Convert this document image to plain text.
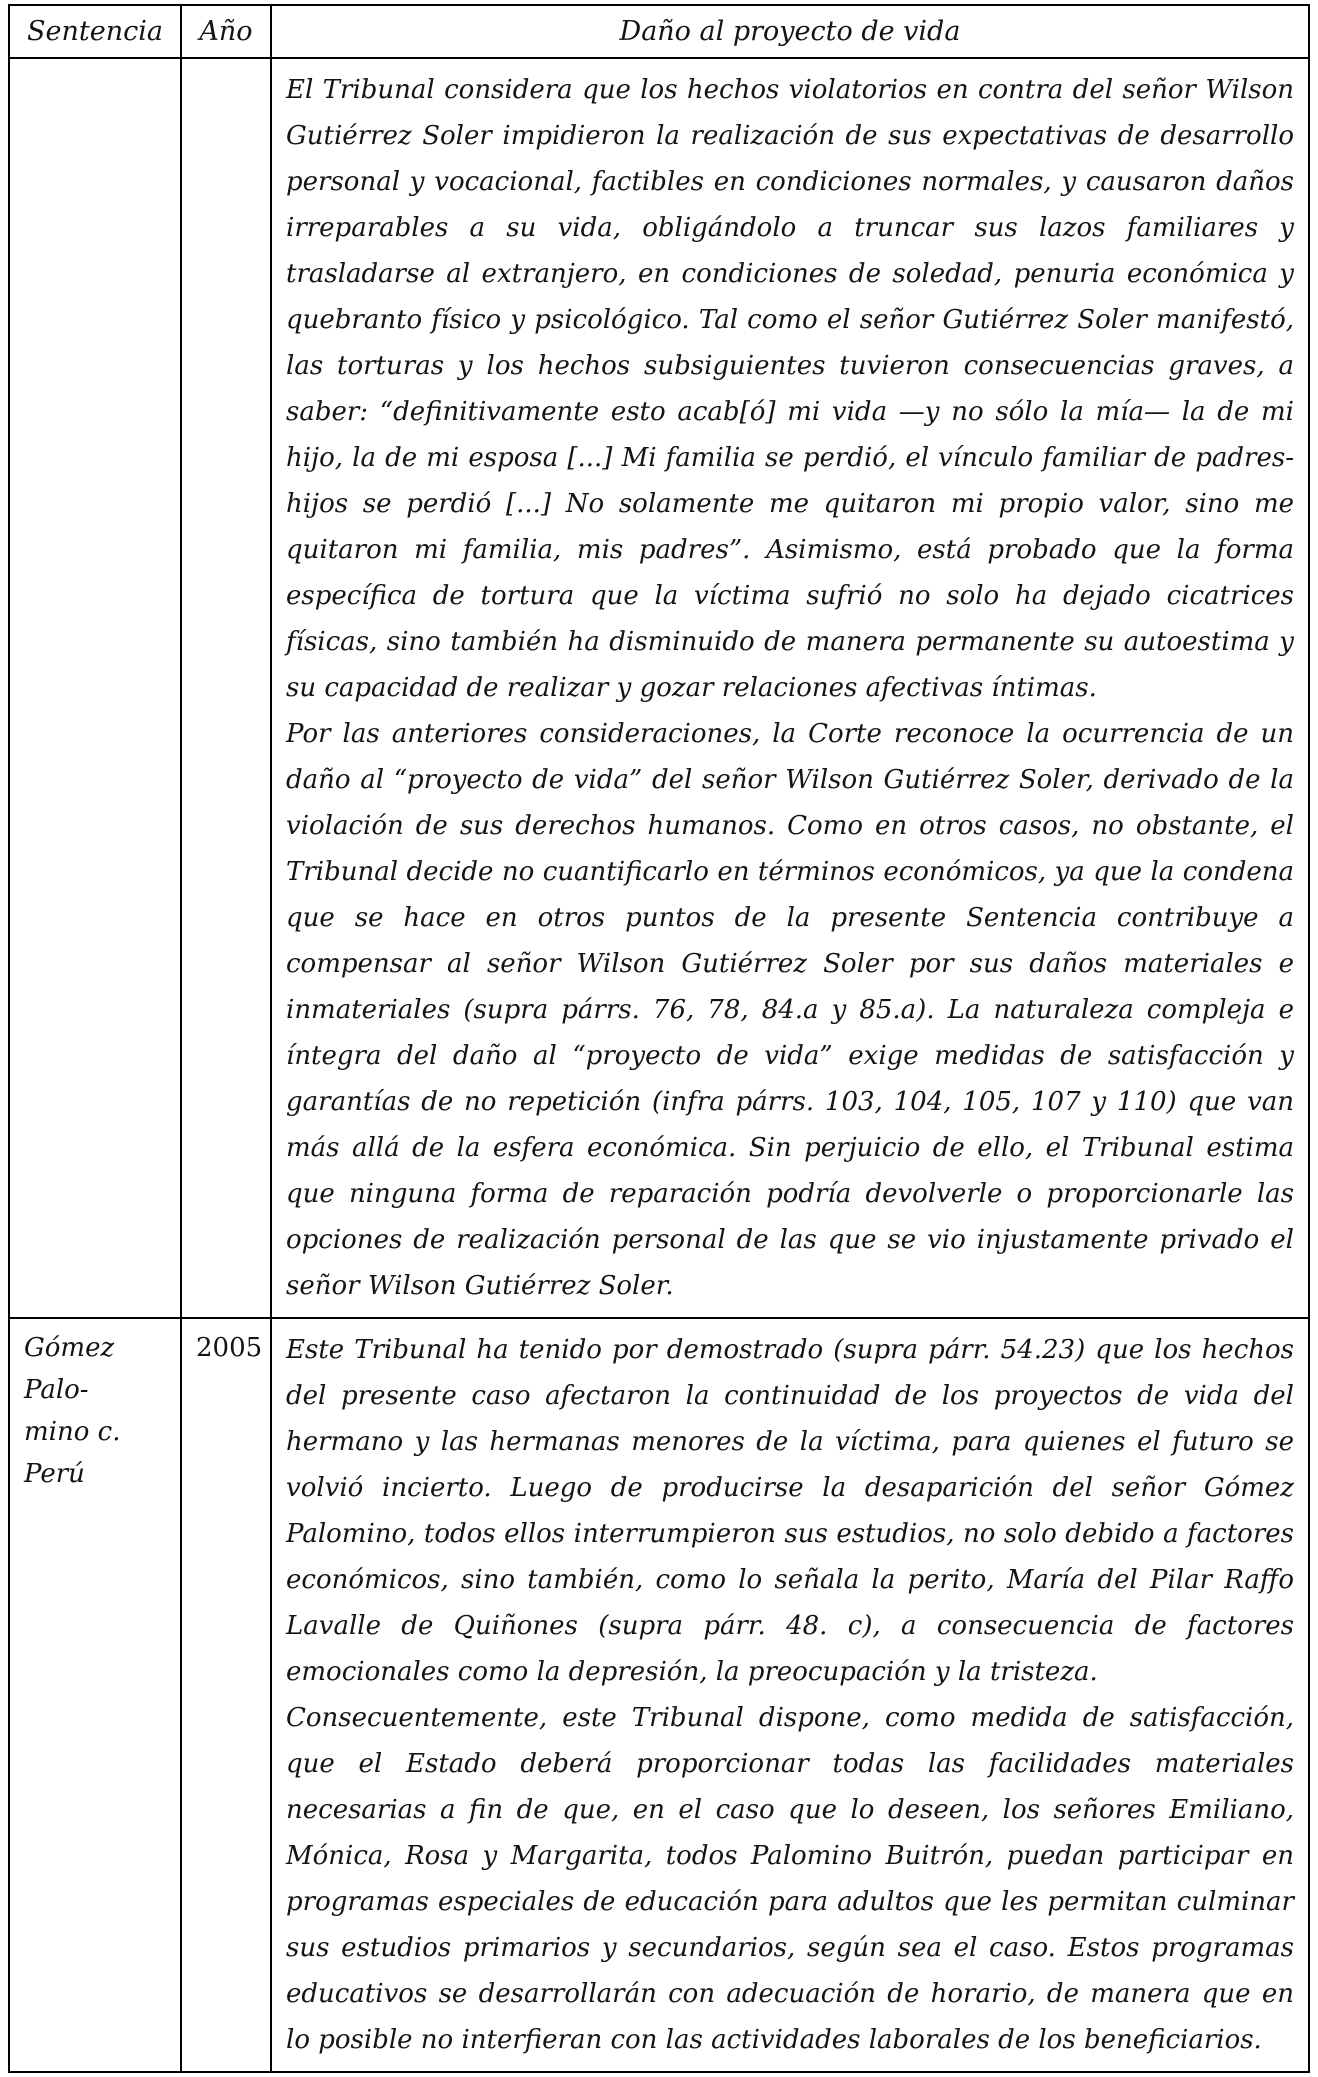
Sentencia	Año	Daño al proyecto de vida

		El Tribunal considera que los hechos violatorios en contra del señor Wilson Gutiérrez Soler impidieron la realización de sus expectativas de desarrollo personal y vocacional, factibles en condiciones normales, y causaron daños irreparables a su vida, obligándolo a truncar sus lazos familiares y trasladarse al extranjero, en condiciones de soledad, penuria económica y quebranto físico y psicológico. Tal como el señor Gutiérrez Soler manifestó, las torturas y los hechos subsiguientes tuvieron consecuencias graves, a saber: “definitivamente esto acab[ó] mi vida —y no sólo la mía— la de mi hijo, la de mi esposa [...] Mi familia se perdió, el vínculo familiar de padres-hijos se perdió [...] No solamente me quitaron mi propio valor, sino me quitaron mi familia, mis padres”. Asimismo, está probado que la forma específica de tortura que la víctima sufrió no solo ha dejado cicatrices físicas, sino también ha disminuido de manera permanente su autoestima y su capacidad de realizar y gozar relaciones afectivas íntimas.

Por las anteriores consideraciones, la Corte reconoce la ocurrencia de un daño al “proyecto de vida” del señor Wilson Gutiérrez Soler, derivado de la violación de sus derechos humanos. Como en otros casos, no obstante, el Tribunal decide no cuantificarlo en términos económicos, ya que la condena que se hace en otros puntos de la presente Sentencia contribuye a compensar al señor Wilson Gutiérrez Soler por sus daños materiales e inmateriales (supra párrs. 76, 78, 84.a y 85.a). La naturaleza compleja e íntegra del daño al “proyecto de vida” exige medidas de satisfacción y garantías de no repetición (infra párrs. 103, 104, 105, 107 y 110) que van más allá de la esfera económica. Sin perjuicio de ello, el Tribunal estima que ninguna forma de reparación podría devolverle o proporcionarle las opciones de realización personal de las que se vio injustamente privado el señor Wilson Gutiérrez Soler.

Gómez Palo-
mino c. Perú
	2005	Este Tribunal ha tenido por demostrado (supra párr. 54.23) que los hechos del presente caso afectaron la continuidad de los proyectos de vida del hermano y las hermanas menores de la víctima, para quienes el futuro se volvió incierto. Luego de producirse la desaparición del señor Gómez Palomino, todos ellos interrumpieron sus estudios, no solo debido a factores económicos, sino también, como lo señala la perito, María del Pilar Raffo Lavalle de Quiñones (supra párr. 48. c), a consecuencia de factores emocionales como la depresión, la preocupación y la tristeza.

Consecuentemente, este Tribunal dispone, como medida de satisfacción, que el Estado deberá proporcionar todas las facilidades materiales necesarias a fin de que, en el caso que lo deseen, los señores Emiliano, Mónica, Rosa y Margarita, todos Palomino Buitrón, puedan participar en programas especiales de educación para adultos que les permitan culminar sus estudios primarios y secundarios, según sea el caso. Estos programas educativos se desarrollarán con adecuación de horario, de manera que en lo posible no interfieran con las actividades laborales de los beneficiarios.
